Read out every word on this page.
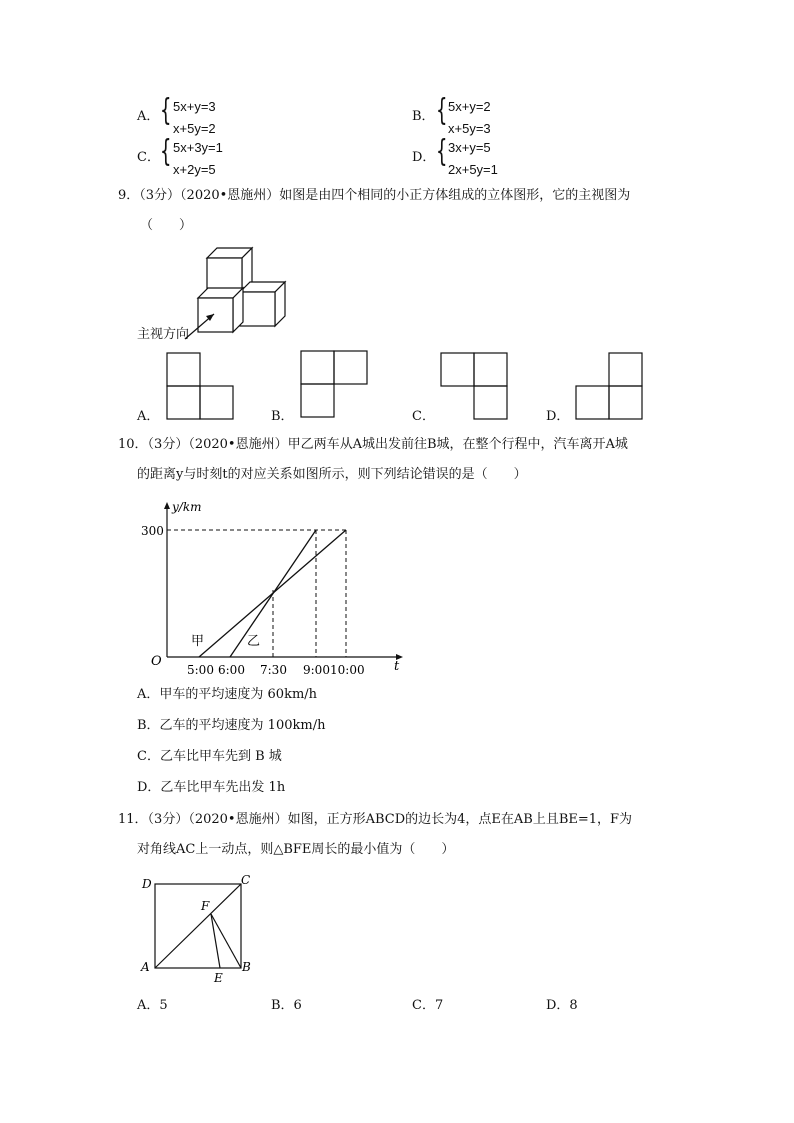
A． { 5x+y=3
x+5y=2
B． { 5x+y=2
x+5y=3
C． { 5x+3y=1
x+2y=5
D． { 3x+y=5
2x+5y=1
9．（3分）（2020•恩施州）如图是由四个相同的小正方体组成的立体图形，它的主视图为
（　　）
主视方向
A．	B．	C．	D．
10．（3分）（2020•恩施州）甲乙两车从A城出发前往B城，在整个行程中，汽车离开A城
的距离y与时刻t的对应关系如图所示，则下列结论错误的是（　　）
300
y/km
t
O
5:00 6:00 7:30 9:00 10:00
甲	乙
A．甲车的平均速度为 60km/h
B．乙车的平均速度为 100km/h
C．乙车比甲车先到 B 城
D．乙车比甲车先出发 1h
11．（3分）（2020•恩施州）如图，正方形ABCD的边长为4，点E在AB上且BE=1，F为
对角线AC上一动点，则△BFE周长的最小值为（　　）
D	C
A	B
E
F
A．5	B．6	C．7	D．8
